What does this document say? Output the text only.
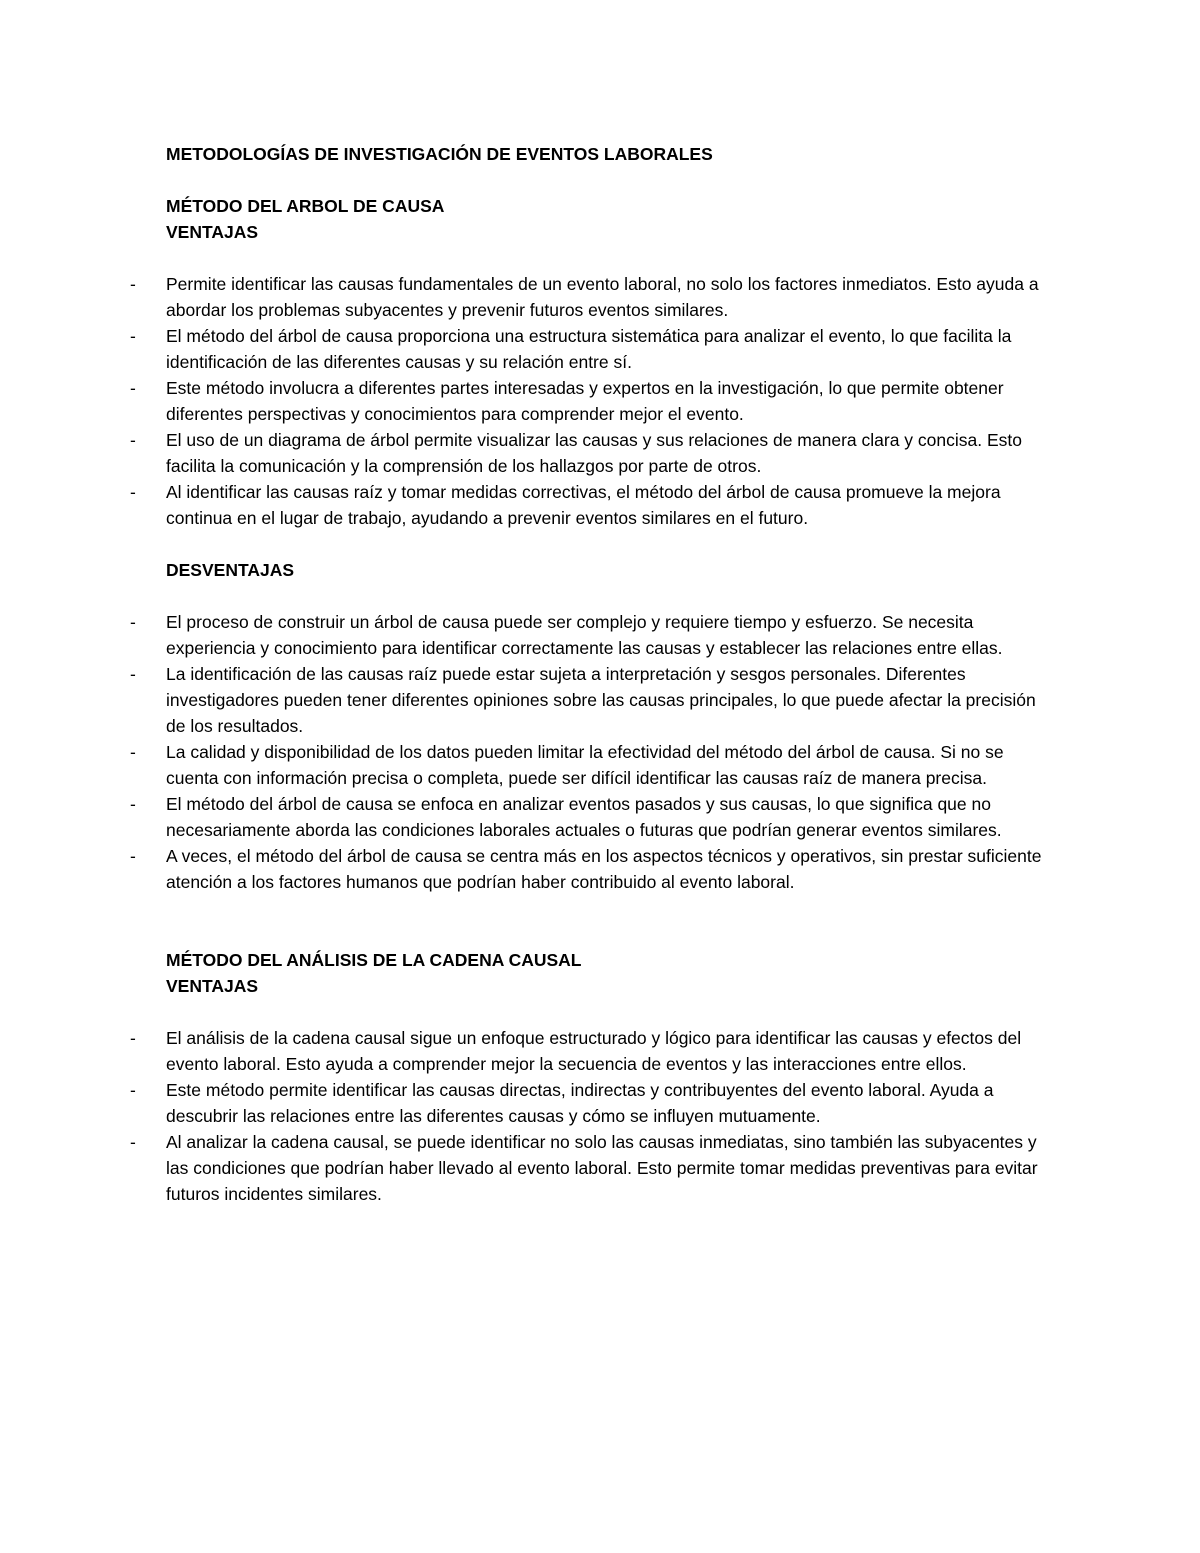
METODOLOGÍAS DE INVESTIGACIÓN DE EVENTOS LABORALES

MÉTODO DEL ARBOL DE CAUSA

VENTAJAS

- Permite identificar las causas fundamentales de un evento laboral, no solo los factores inmediatos. Esto ayuda a abordar los problemas subyacentes y prevenir futuros eventos similares.
- El método del árbol de causa proporciona una estructura sistemática para analizar el evento, lo que facilita la identificación de las diferentes causas y su relación entre sí.
- Este método involucra a diferentes partes interesadas y expertos en la investigación, lo que permite obtener diferentes perspectivas y conocimientos para comprender mejor el evento.
- El uso de un diagrama de árbol permite visualizar las causas y sus relaciones de manera clara y concisa. Esto facilita la comunicación y la comprensión de los hallazgos por parte de otros.
- Al identificar las causas raíz y tomar medidas correctivas, el método del árbol de causa promueve la mejora continua en el lugar de trabajo, ayudando a prevenir eventos similares en el futuro.

DESVENTAJAS

- El proceso de construir un árbol de causa puede ser complejo y requiere tiempo y esfuerzo. Se necesita experiencia y conocimiento para identificar correctamente las causas y establecer las relaciones entre ellas.
- La identificación de las causas raíz puede estar sujeta a interpretación y sesgos personales. Diferentes investigadores pueden tener diferentes opiniones sobre las causas principales, lo que puede afectar la precisión de los resultados.
- La calidad y disponibilidad de los datos pueden limitar la efectividad del método del árbol de causa. Si no se cuenta con información precisa o completa, puede ser difícil identificar las causas raíz de manera precisa.
- El método del árbol de causa se enfoca en analizar eventos pasados y sus causas, lo que significa que no necesariamente aborda las condiciones laborales actuales o futuras que podrían generar eventos similares.
- A veces, el método del árbol de causa se centra más en los aspectos técnicos y operativos, sin prestar suficiente atención a los factores humanos que podrían haber contribuido al evento laboral.

MÉTODO DEL ANÁLISIS DE LA CADENA CAUSAL

VENTAJAS

- El análisis de la cadena causal sigue un enfoque estructurado y lógico para identificar las causas y efectos del evento laboral. Esto ayuda a comprender mejor la secuencia de eventos y las interacciones entre ellos.
- Este método permite identificar las causas directas, indirectas y contribuyentes del evento laboral. Ayuda a descubrir las relaciones entre las diferentes causas y cómo se influyen mutuamente.
- Al analizar la cadena causal, se puede identificar no solo las causas inmediatas, sino también las subyacentes y las condiciones que podrían haber llevado al evento laboral. Esto permite tomar medidas preventivas para evitar futuros incidentes similares.
